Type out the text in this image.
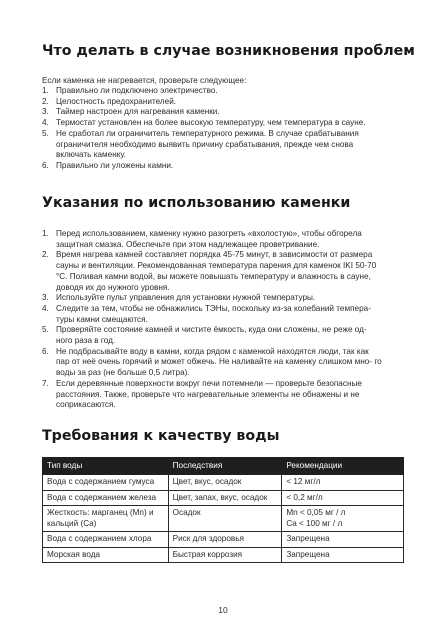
Что делать в случае возникновения проблем

Если каменка не нагревается, проверьте следующее:

1. Правильно ли подключено электричество.
2. Целостность предохранителей.
3. Таймер настроен для нагревания каменки.
4. Термостат установлен на более высокую температуру, чем температура в сауне.
5. Не сработал ли ограничитель температурного режима. В случае срабатывания ограничителя необходимо выявить причину срабатывания, прежде чем снова включать каменку.
6. Правильно ли уложены камни.
Указания по использованию каменки
1. Перед использованием, каменку нужно разогреть «вхолостую», чтобы обгорела защитная смазка. Обеспечьте при этом надлежащее проветривание.
2. Время нагрева камней составляет порядка 45-75 минут, в зависимости от размера сауны и вентиляции. Рекомендованная температура парения для каменок IKI 50-70 °С. Поливая камни водой, вы можете повышать температуру и влажность в сауне, доводя их до нужного уровня.
3. Используйте пульт управления для установки нужной температуры.
4. Следите за тем, чтобы не обнажились ТЭНы, поскольку из-за колебаний темпера- туры камни смещаются.
5. Проверяйте состояние камней и чистите ёмкость, куда они сложены, не реже од- ного раза в год.
6. Не подбрасывайте воду в камни, когда рядом с каменкой находятся люди, так как пар от неё очень горячий и может обжечь. Не наливайте на каменку слишком мно- го воды за раз (не больше 0,5 литра).
7. Если деревянные поверхности вокруг печи потемнели — проверьте безопасные расстояния. Также, проверьте что нагревательные элементы не обнажены и не соприкасаются.
Требования к качеству воды
Тип воды	Последствия	Рекомендации
Вода с содержанием гумуса	Цвет, вкус, осадок	< 12 мг/л
Вода с содержанием железа	Цвет, запах, вкус, осадок	< 0,2 мг/л
Жесткость: марганец (Mn) и кальций (Ca)	Осадок	Mn < 0,05 мг / л
Ca < 100 мг / л
Вода с содержанием хлора	Риск для здоровья	Запрещена
Морская вода	Быстрая коррозия	Запрещена
10
